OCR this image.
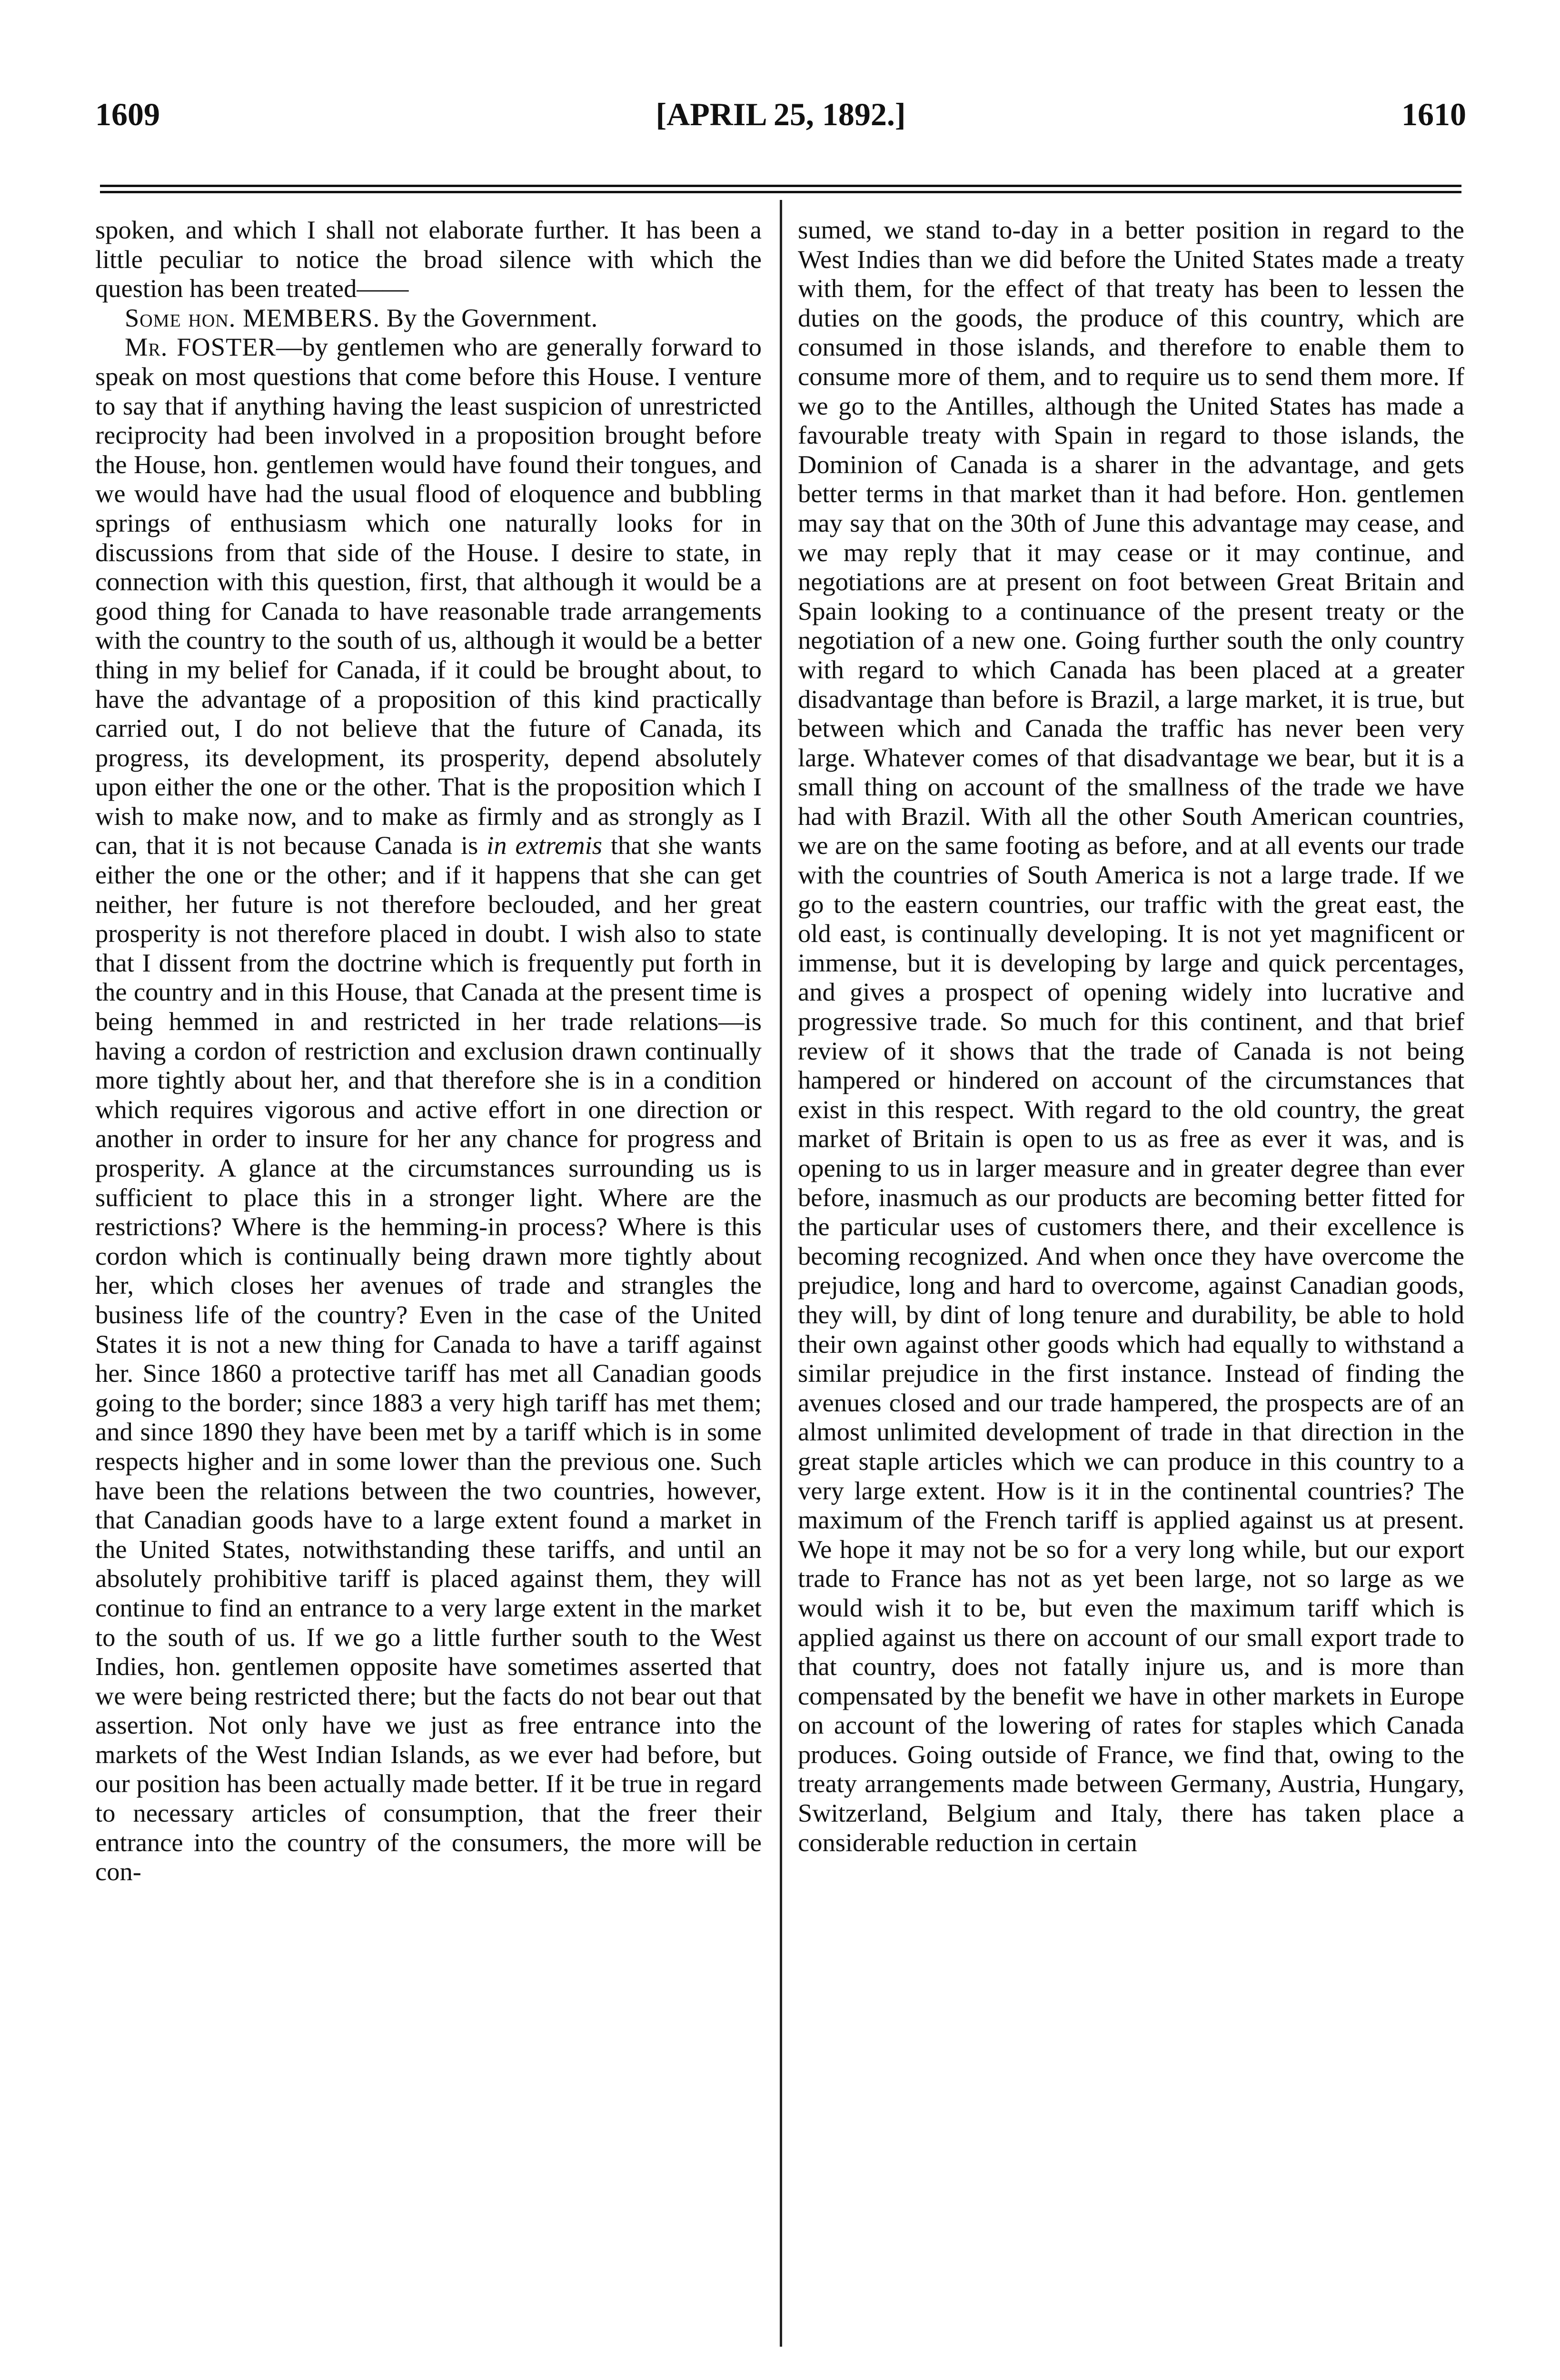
1609	[APRIL 25, 1892.]	1610

spoken, and which I shall not elaborate further. It has been a little peculiar to notice the broad silence with which the question has been treated——

Some hon. MEMBERS. By the Government.

Mr. FOSTER—by gentlemen who are generally forward to speak on most questions that come before this House. I venture to say that if anything having the least suspicion of unrestricted reciprocity had been involved in a proposition brought before the House, hon. gentlemen would have found their tongues, and we would have had the usual flood of eloquence and bubbling springs of enthusiasm which one naturally looks for in discussions from that side of the House. I desire to state, in connection with this question, first, that although it would be a good thing for Canada to have reasonable trade arrangements with the country to the south of us, although it would be a better thing in my belief for Canada, if it could be brought about, to have the advantage of a proposition of this kind practically carried out, I do not believe that the future of Canada, its progress, its development, its prosperity, depend absolutely upon either the one or the other. That is the proposition which I wish to make now, and to make as firmly and as strongly as I can, that it is not because Canada is in extremis that she wants either the one or the other; and if it happens that she can get neither, her future is not therefore beclouded, and her great prosperity is not therefore placed in doubt. I wish also to state that I dissent from the doctrine which is frequently put forth in the country and in this House, that Canada at the present time is being hemmed in and restricted in her trade relations—is having a cordon of restriction and exclusion drawn continually more tightly about her, and that therefore she is in a condition which requires vigorous and active effort in one direction or another in order to insure for her any chance for progress and prosperity. A glance at the circumstances surrounding us is sufficient to place this in a stronger light. Where are the restrictions? Where is the hemming-in process? Where is this cordon which is continually being drawn more tightly about her, which closes her avenues of trade and strangles the business life of the country? Even in the case of the United States it is not a new thing for Canada to have a tariff against her. Since 1860 a protective tariff has met all Canadian goods going to the border; since 1883 a very high tariff has met them; and since 1890 they have been met by a tariff which is in some respects higher and in some lower than the previous one. Such have been the relations between the two countries, however, that Canadian goods have to a large extent found a market in the United States, notwithstanding these tariffs, and until an absolutely prohibitive tariff is placed against them, they will continue to find an entrance to a very large extent in the market to the south of us. If we go a little further south to the West Indies, hon. gentlemen opposite have sometimes asserted that we were being restricted there; but the facts do not bear out that assertion. Not only have we just as free entrance into the markets of the West Indian Islands, as we ever had before, but our position has been actually made better. If it be true in regard to necessary articles of consumption, that the freer their entrance into the country of the consumers, the more will be con-

sumed, we stand to-day in a better position in regard to the West Indies than we did before the United States made a treaty with them, for the effect of that treaty has been to lessen the duties on the goods, the produce of this country, which are consumed in those islands, and therefore to enable them to consume more of them, and to require us to send them more. If we go to the Antilles, although the United States has made a favourable treaty with Spain in regard to those islands, the Dominion of Canada is a sharer in the advantage, and gets better terms in that market than it had before. Hon. gentlemen may say that on the 30th of June this advantage may cease, and we may reply that it may cease or it may continue, and negotiations are at present on foot between Great Britain and Spain looking to a continuance of the present treaty or the negotiation of a new one. Going further south the only country with regard to which Canada has been placed at a greater disadvantage than before is Brazil, a large market, it is true, but between which and Canada the traffic has never been very large. Whatever comes of that disadvantage we bear, but it is a small thing on account of the smallness of the trade we have had with Brazil. With all the other South American countries, we are on the same footing as before, and at all events our trade with the countries of South America is not a large trade. If we go to the eastern countries, our traffic with the great east, the old east, is continually developing. It is not yet magnificent or immense, but it is developing by large and quick percentages, and gives a prospect of opening widely into lucrative and progressive trade. So much for this continent, and that brief review of it shows that the trade of Canada is not being hampered or hindered on account of the circumstances that exist in this respect. With regard to the old country, the great market of Britain is open to us as free as ever it was, and is opening to us in larger measure and in greater degree than ever before, inasmuch as our products are becoming better fitted for the particular uses of customers there, and their excellence is becoming recognized. And when once they have overcome the prejudice, long and hard to overcome, against Canadian goods, they will, by dint of long tenure and durability, be able to hold their own against other goods which had equally to withstand a similar prejudice in the first instance. Instead of finding the avenues closed and our trade hampered, the prospects are of an almost unlimited development of trade in that direction in the great staple articles which we can produce in this country to a very large extent. How is it in the continental countries? The maximum of the French tariff is applied against us at present. We hope it may not be so for a very long while, but our export trade to France has not as yet been large, not so large as we would wish it to be, but even the maximum tariff which is applied against us there on account of our small export trade to that country, does not fatally injure us, and is more than compensated by the benefit we have in other markets in Europe on account of the lowering of rates for staples which Canada produces. Going outside of France, we find that, owing to the treaty arrangements made between Germany, Austria, Hungary, Switzerland, Belgium and Italy, there has taken place a considerable reduction in certain
